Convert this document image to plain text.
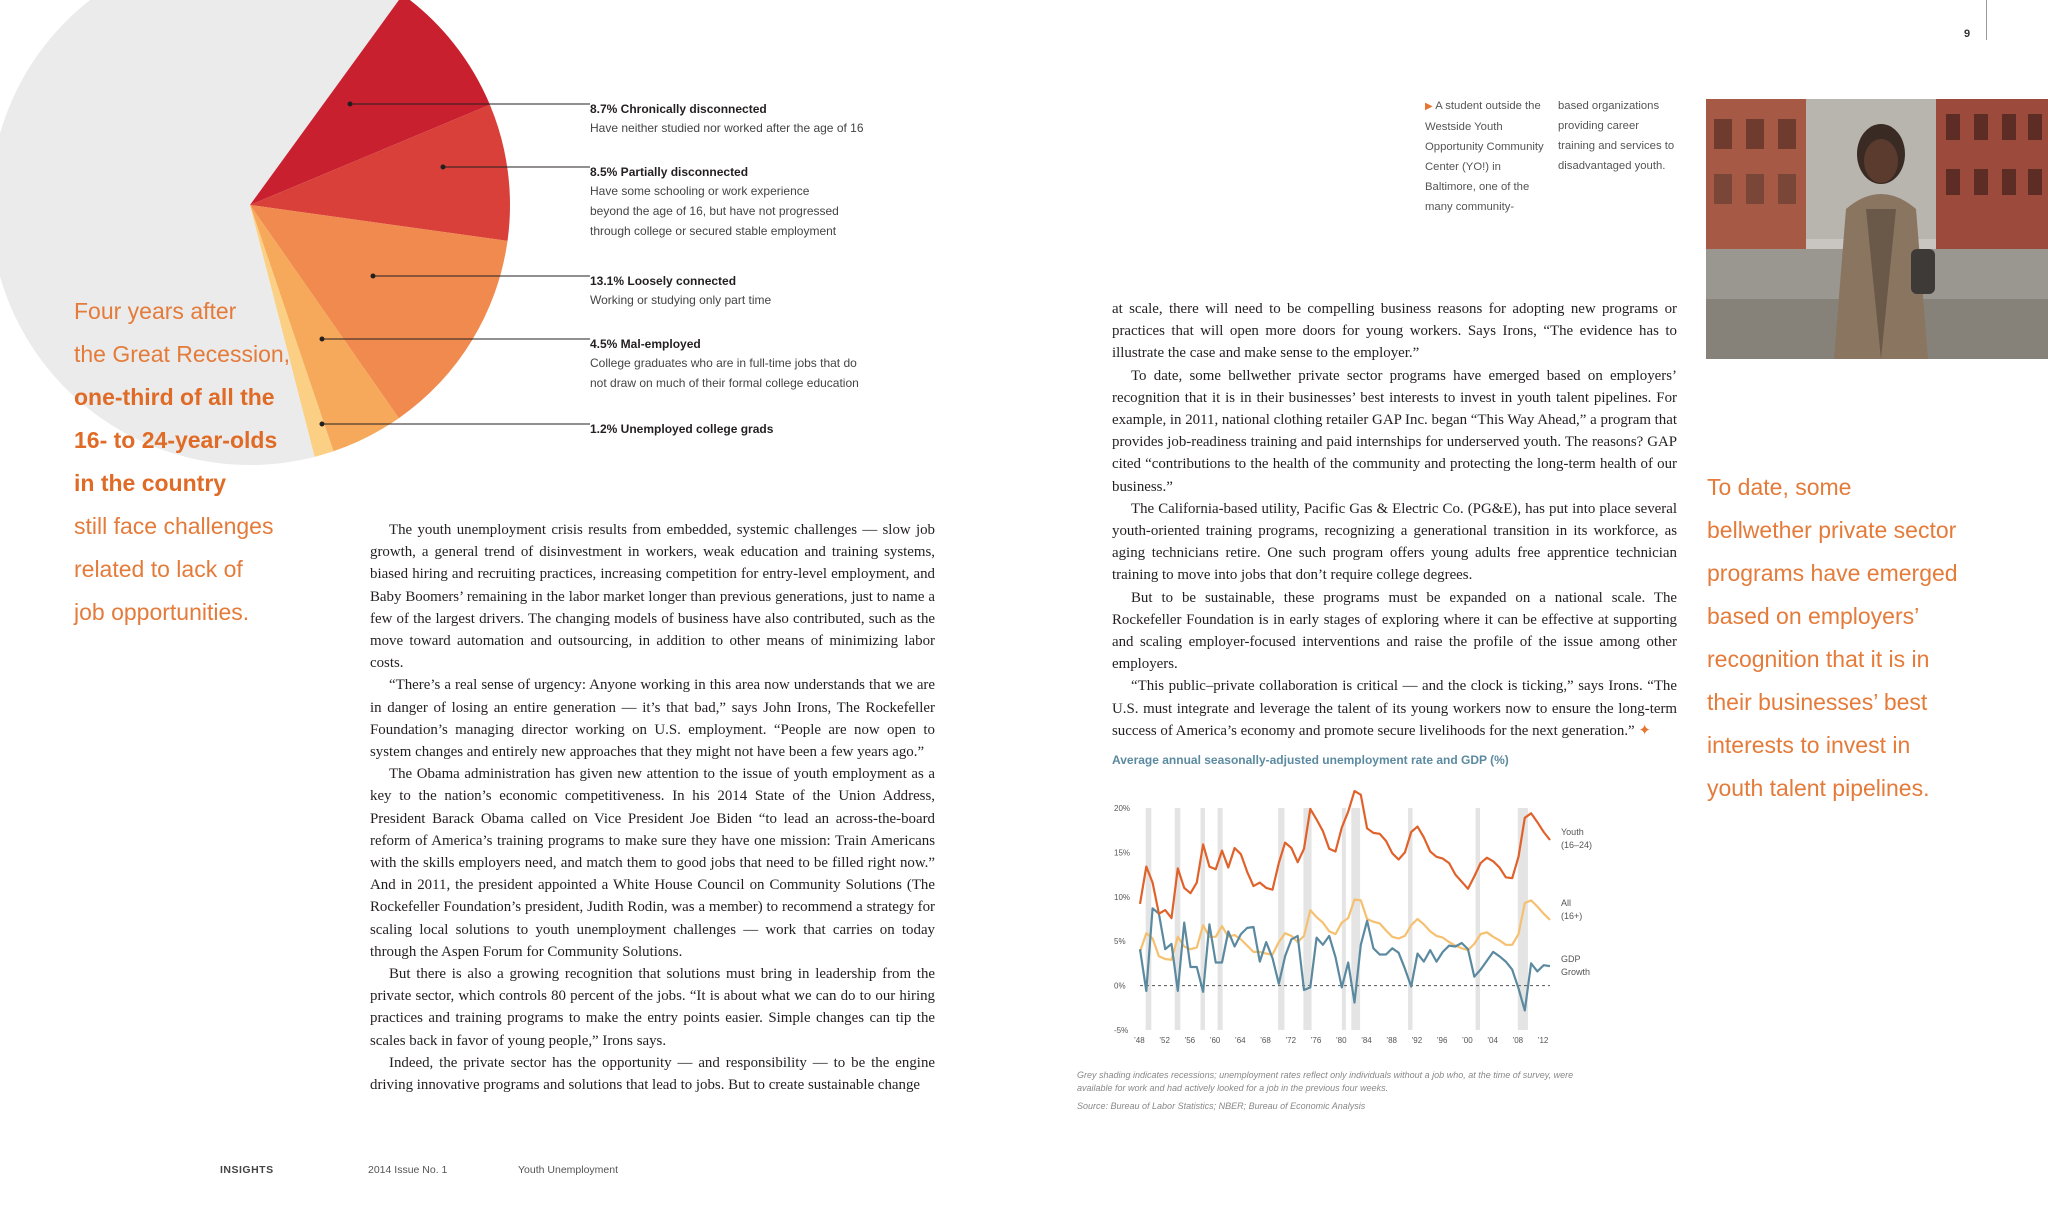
9
8.7% Chronically disconnected
Have neither studied nor worked after the age of 16
8.5% Partially disconnected
Have some schooling or work experience
beyond the age of 16, but have not progressed
through college or secured stable employment
13.1% Loosely connected
Working or studying only part time
4.5% Mal-employed
College graduates who are in full-time jobs that do
not draw on much of their formal college education
1.2% Unemployed college grads
Four years after
the Great Recession,
one-third of all the
16- to 24-year-olds
in the country
still face challenges
related to lack of
job opportunities.

The youth unemployment crisis results from embedded, systemic challenges — slow job growth, a general trend of disinvestment in workers, weak education and training systems, biased hiring and recruiting practices, increasing competition for entry-level employment, and Baby Boomers’ remaining in the labor market longer than previous generations, just to name a few of the largest drivers. The changing models of business have also contributed, such as the move toward automation and outsourcing, in addition to other means of minimizing labor costs.

“There’s a real sense of urgency: Anyone working in this area now understands that we are in danger of losing an entire generation — it’s that bad,” says John Irons, The Rockefeller Foundation’s managing director working on U.S. employment. “People are now open to system changes and entirely new approaches that they might not have been a few years ago.”

The Obama administration has given new attention to the issue of youth employment as a key to the nation’s economic competitiveness. In his 2014 State of the Union Address, President Barack Obama called on Vice President Joe Biden “to lead an across-the-board reform of America’s training programs to make sure they have one mission: Train Americans with the skills employers need, and match them to good jobs that need to be filled right now.” And in 2011, the president appointed a White House Council on Community Solutions (The Rockefeller Foundation’s president, Judith Rodin, was a member) to recommend a strategy for scaling local solutions to youth unemployment challenges — work that carries on today through the Aspen Forum for Community Solutions.

But there is also a growing recognition that solutions must bring in leadership from the private sector, which controls 80 percent of the jobs. “It is about what we can do to our hiring practices and training programs to make the entry points easier. Simple changes can tip the scales back in favor of young people,” Irons says.

Indeed, the private sector has the opportunity — and responsibility — to be the engine driving innovative programs and solutions that lead to jobs. But to create sustainable change

▶ A student outside the Westside Youth Opportunity Community Center (YO!) in Baltimore, one of the many community-
based organizations providing career training and services to disadvantaged youth.

at scale, there will need to be compelling business reasons for adopting new programs or practices that will open more doors for young workers. Says Irons, “The evidence has to illustrate the case and make sense to the employer.”

To date, some bellwether private sector programs have emerged based on employers’ recognition that it is in their businesses’ best interests to invest in youth talent pipelines. For example, in 2011, national clothing retailer GAP Inc. began “This Way Ahead,” a program that provides job-readiness training and paid internships for underserved youth. The reasons? GAP cited “contributions to the health of the community and protecting the long-term health of our business.”

The California-based utility, Pacific Gas & Electric Co. (PG&E), has put into place several youth-oriented training programs, recognizing a generational transition in its workforce, as aging technicians retire. One such program offers young adults free apprentice technician training to move into jobs that don’t require college degrees.

But to be sustainable, these programs must be expanded on a national scale. The Rockefeller Foundation is in early stages of exploring where it can be effective at supporting and scaling employer-focused interventions and raise the profile of the issue among other employers.

“This public–private collaboration is critical — and the clock is ticking,” says Irons. “The U.S. must integrate and leverage the talent of its young workers now to ensure the long-term success of America’s economy and promote secure livelihoods for the next generation.” ✦

To date, some
bellwether private sector
programs have emerged
based on employers’
recognition that it is in
their businesses’ best
interests to invest in
youth talent pipelines.
Average annual seasonally-adjusted unemployment rate and GDP (%)
20%
15%
10%
5%
0%
-5%
’48 ’52 ’56 ’60 ’64 ’68 ’72 ’76 ’80 ’84 ’88 ’92 ’96 ’00 ’04 ’08 ’12
Youth
(16–24)
All
(16+)
GDP
Growth
Grey shading indicates recessions; unemployment rates reflect only individuals without a job who, at the time of survey, were available for work and had actively looked for a job in the previous four weeks.
Source: Bureau of Labor Statistics; NBER; Bureau of Economic Analysis
INSIGHTS	2014 Issue No. 1	Youth Unemployment
